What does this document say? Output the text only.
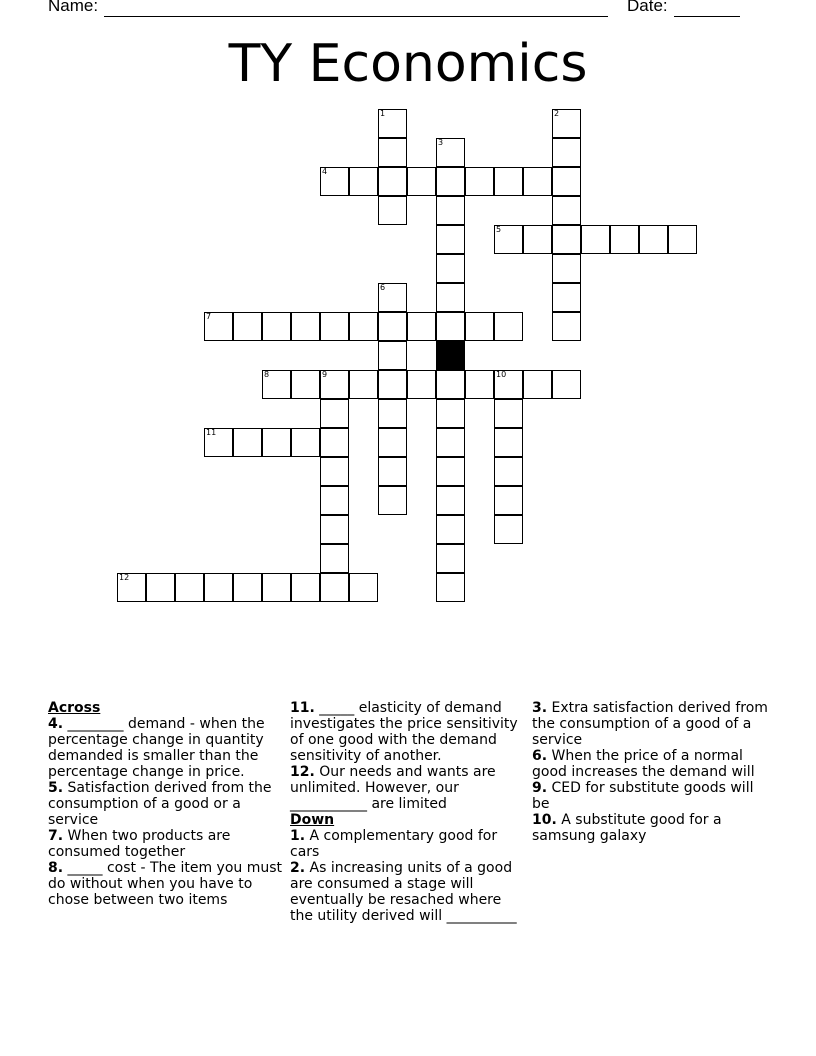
Name:	Date:
TY Economics
1	2
3
4
5
6
7
8	9	10
11
12
Across
4. ________ demand - when the percentage change in quantity demanded is smaller than the percentage change in price.
5. Satisfaction derived from the consumption of a good or a service
7. When two products are consumed together
8. _____ cost - The item you must do without when you have to chose between two items
11. _____ elasticity of demand investigates the price sensitivity of one good with the demand sensitivity of another.
12. Our needs and wants are unlimited. However, our ___________ are limited
Down
1. A complementary good for cars
2. As increasing units of a good are consumed a stage will eventually be resached where the utility derived will __________
3. Extra satisfaction derived from the consumption of a good of a service
6. When the price of a normal good increases the demand will
9. CED for substitute goods will be
10. A substitute good for a samsung galaxy
